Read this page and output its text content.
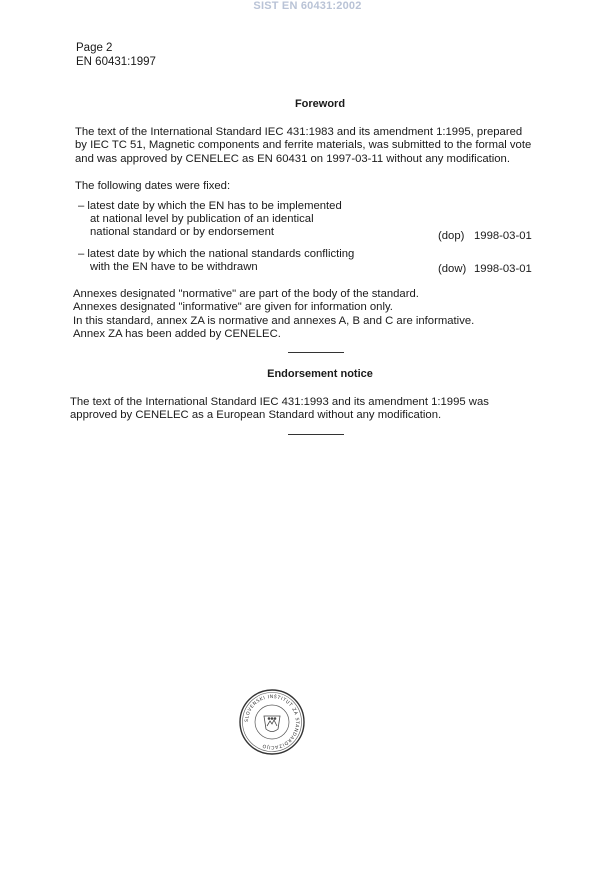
SIST EN 60431:2002
Page 2
EN 60431:1997
Foreword
The text of the International Standard IEC 431:1983 and its amendment 1:1995, prepared
by IEC TC 51, Magnetic components and ferrite materials, was submitted to the formal vote
and was approved by CENELEC as EN 60431 on 1997-03-11 without any modification.
The following dates were fixed:
– latest date by which the EN has to be implemented
at national level by publication of an identical
national standard or by endorsement	(dop) 1998-03-01
– latest date by which the national standards conflicting
with the EN have to be withdrawn	(dow) 1998-03-01
Annexes designated "normative" are part of the body of the standard.
Annexes designated "informative" are given for information only.
In this standard, annex ZA is normative and annexes A, B and C are informative.
Annex ZA has been added by CENELEC.
Endorsement notice
The text of the International Standard IEC 431:1993 and its amendment 1:1995 was
approved by CENELEC as a European Standard without any modification.
SLOVENSKI INŠTITUT ZA STANDARDIZACIJO
